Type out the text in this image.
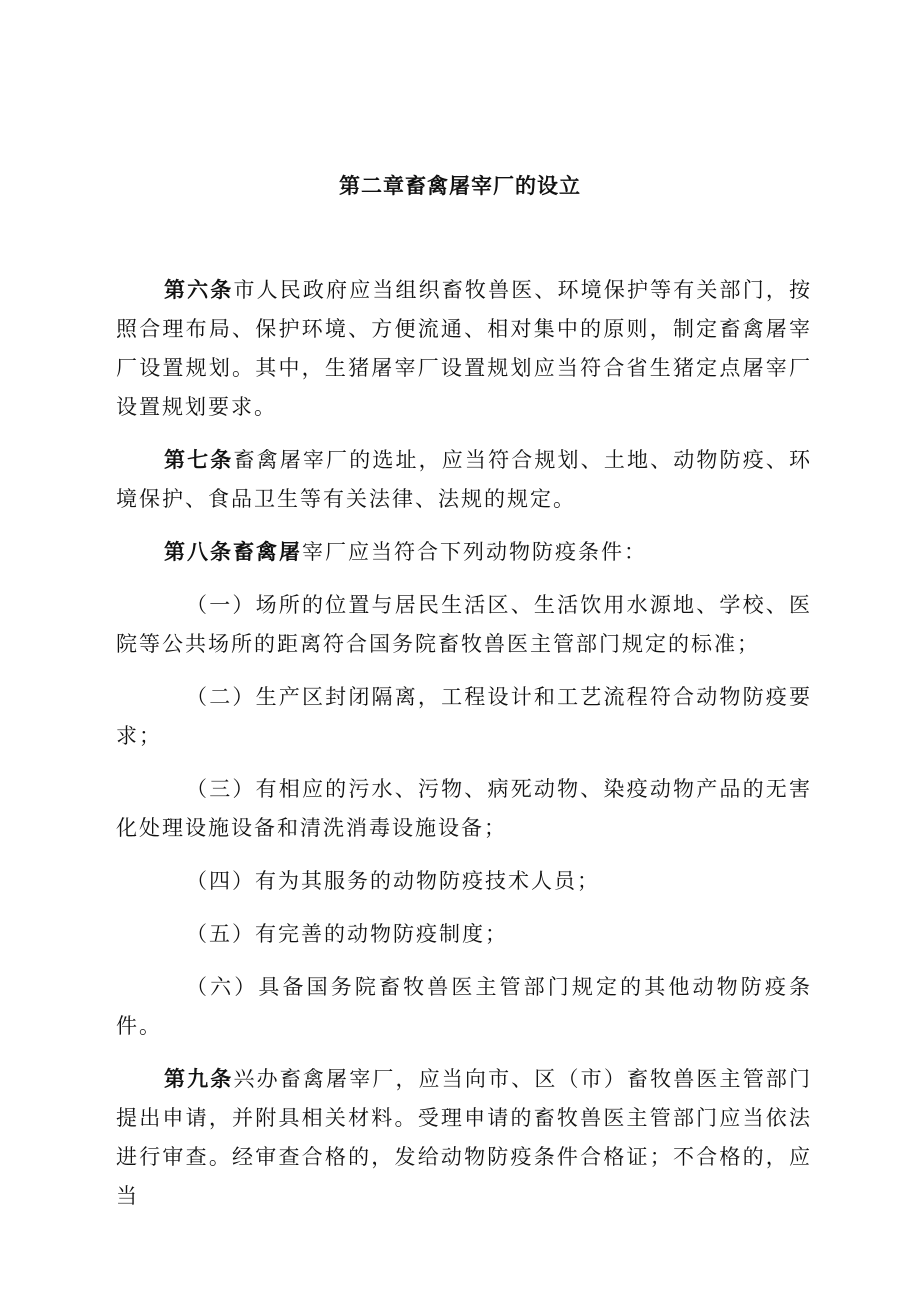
第二章畜禽屠宰厂的设立

第六条市人民政府应当组织畜牧兽医、环境保护等有关部门，按照合理布局、保护环境、方便流通、相对集中的原则，制定畜禽屠宰厂设置规划。其中，生猪屠宰厂设置规划应当符合省生猪定点屠宰厂设置规划要求。

第七条畜禽屠宰厂的选址，应当符合规划、土地、动物防疫、环境保护、食品卫生等有关法律、法规的规定。

第八条畜禽屠宰厂应当符合下列动物防疫条件：

（一）场所的位置与居民生活区、生活饮用水源地、学校、医院等公共场所的距离符合国务院畜牧兽医主管部门规定的标准；

（二）生产区封闭隔离，工程设计和工艺流程符合动物防疫要求；

（三）有相应的污水、污物、病死动物、染疫动物产品的无害化处理设施设备和清洗消毒设施设备；

（四）有为其服务的动物防疫技术人员；

（五）有完善的动物防疫制度；

（六）具备国务院畜牧兽医主管部门规定的其他动物防疫条件。

第九条兴办畜禽屠宰厂，应当向市、区（市）畜牧兽医主管部门提出申请，并附具相关材料。受理申请的畜牧兽医主管部门应当依法进行审查。经审查合格的，发给动物防疫条件合格证；不合格的，应当
